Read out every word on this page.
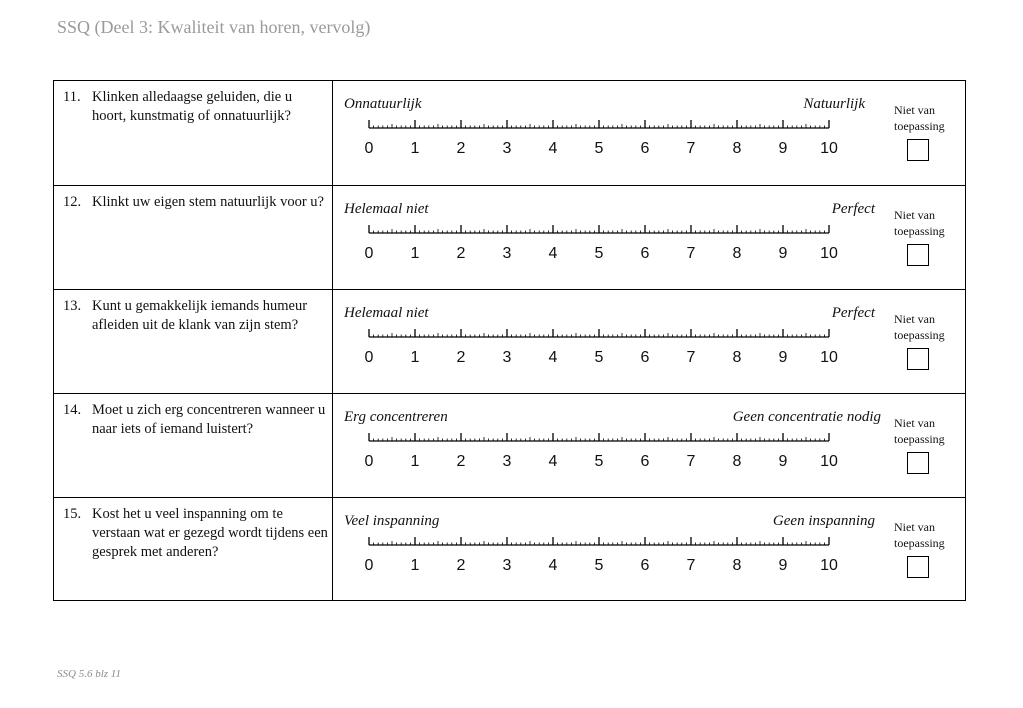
SSQ (Deel 3: Kwaliteit van horen, vervolg)
11. Klinken alledaagse geluiden, die u hoort, kunstmatig of onnatuurlijk?
Onnatuurlijk	Natuurlijk
0 1 2 3 4 5 6 7 8 9 10
Niet van
toepassing
12. Klinkt uw eigen stem natuurlijk voor u?	Helemaal niet	Perfect
0 1 2 3 4 5 6 7 8 9 10
Niet van
toepassing
13. Kunt u gemakkelijk iemands humeur afleiden uit de klank van zijn stem?
Helemaal niet	Perfect
0 1 2 3 4 5 6 7 8 9 10
Niet van
toepassing
14. Moet u zich erg concentreren wanneer u naar iets of iemand luistert?
Erg concentreren	Geen concentratie nodig
0 1 2 3 4 5 6 7 8 9 10
Niet van
toepassing
15. Kost het u veel inspanning om te verstaan wat er gezegd wordt tijdens een gesprek met anderen?
Veel inspanning	Geen inspanning
0 1 2 3 4 5 6 7 8 9 10
Niet van
toepassing
SSQ 5.6 blz 11
